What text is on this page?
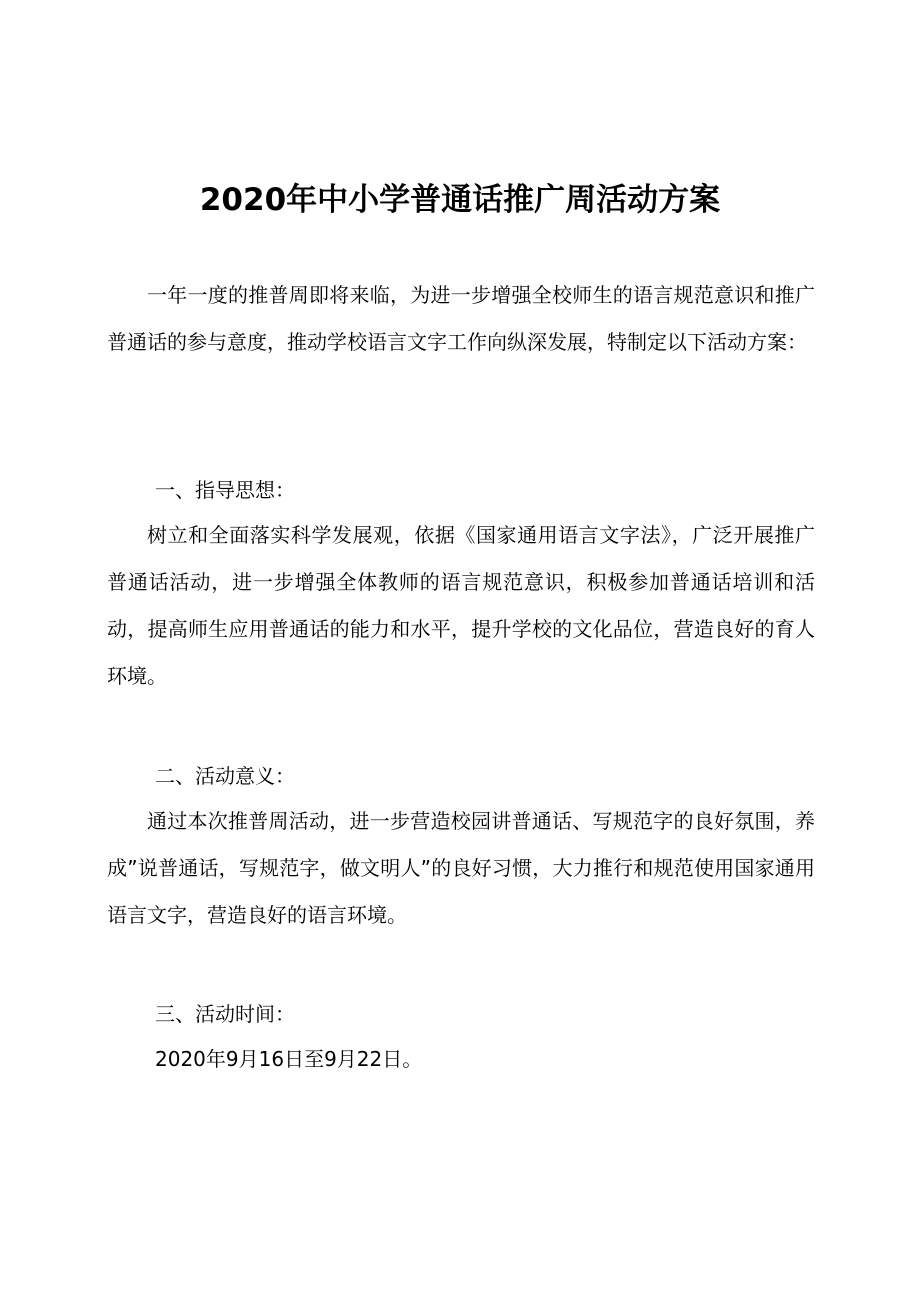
2020年中小学普通话推广周活动方案

一年一度的推普周即将来临，为进一步增强全校师生的语言规范意识和推广普通话的参与意度，推动学校语言文字工作向纵深发展，特制定以下活动方案：

一、指导思想：

树立和全面落实科学发展观，依据《国家通用语言文字法》，广泛开展推广普通话活动，进一步增强全体教师的语言规范意识，积极参加普通话培训和活动，提高师生应用普通话的能力和水平，提升学校的文化品位，营造良好的育人环境。

二、活动意义：

通过本次推普周活动，进一步营造校园讲普通话、写规范字的良好氛围，养成”说普通话，写规范字，做文明人”的良好习惯，大力推行和规范使用国家通用语言文字，营造良好的语言环境。

三、活动时间：

2020年9月16日至9月22日。
